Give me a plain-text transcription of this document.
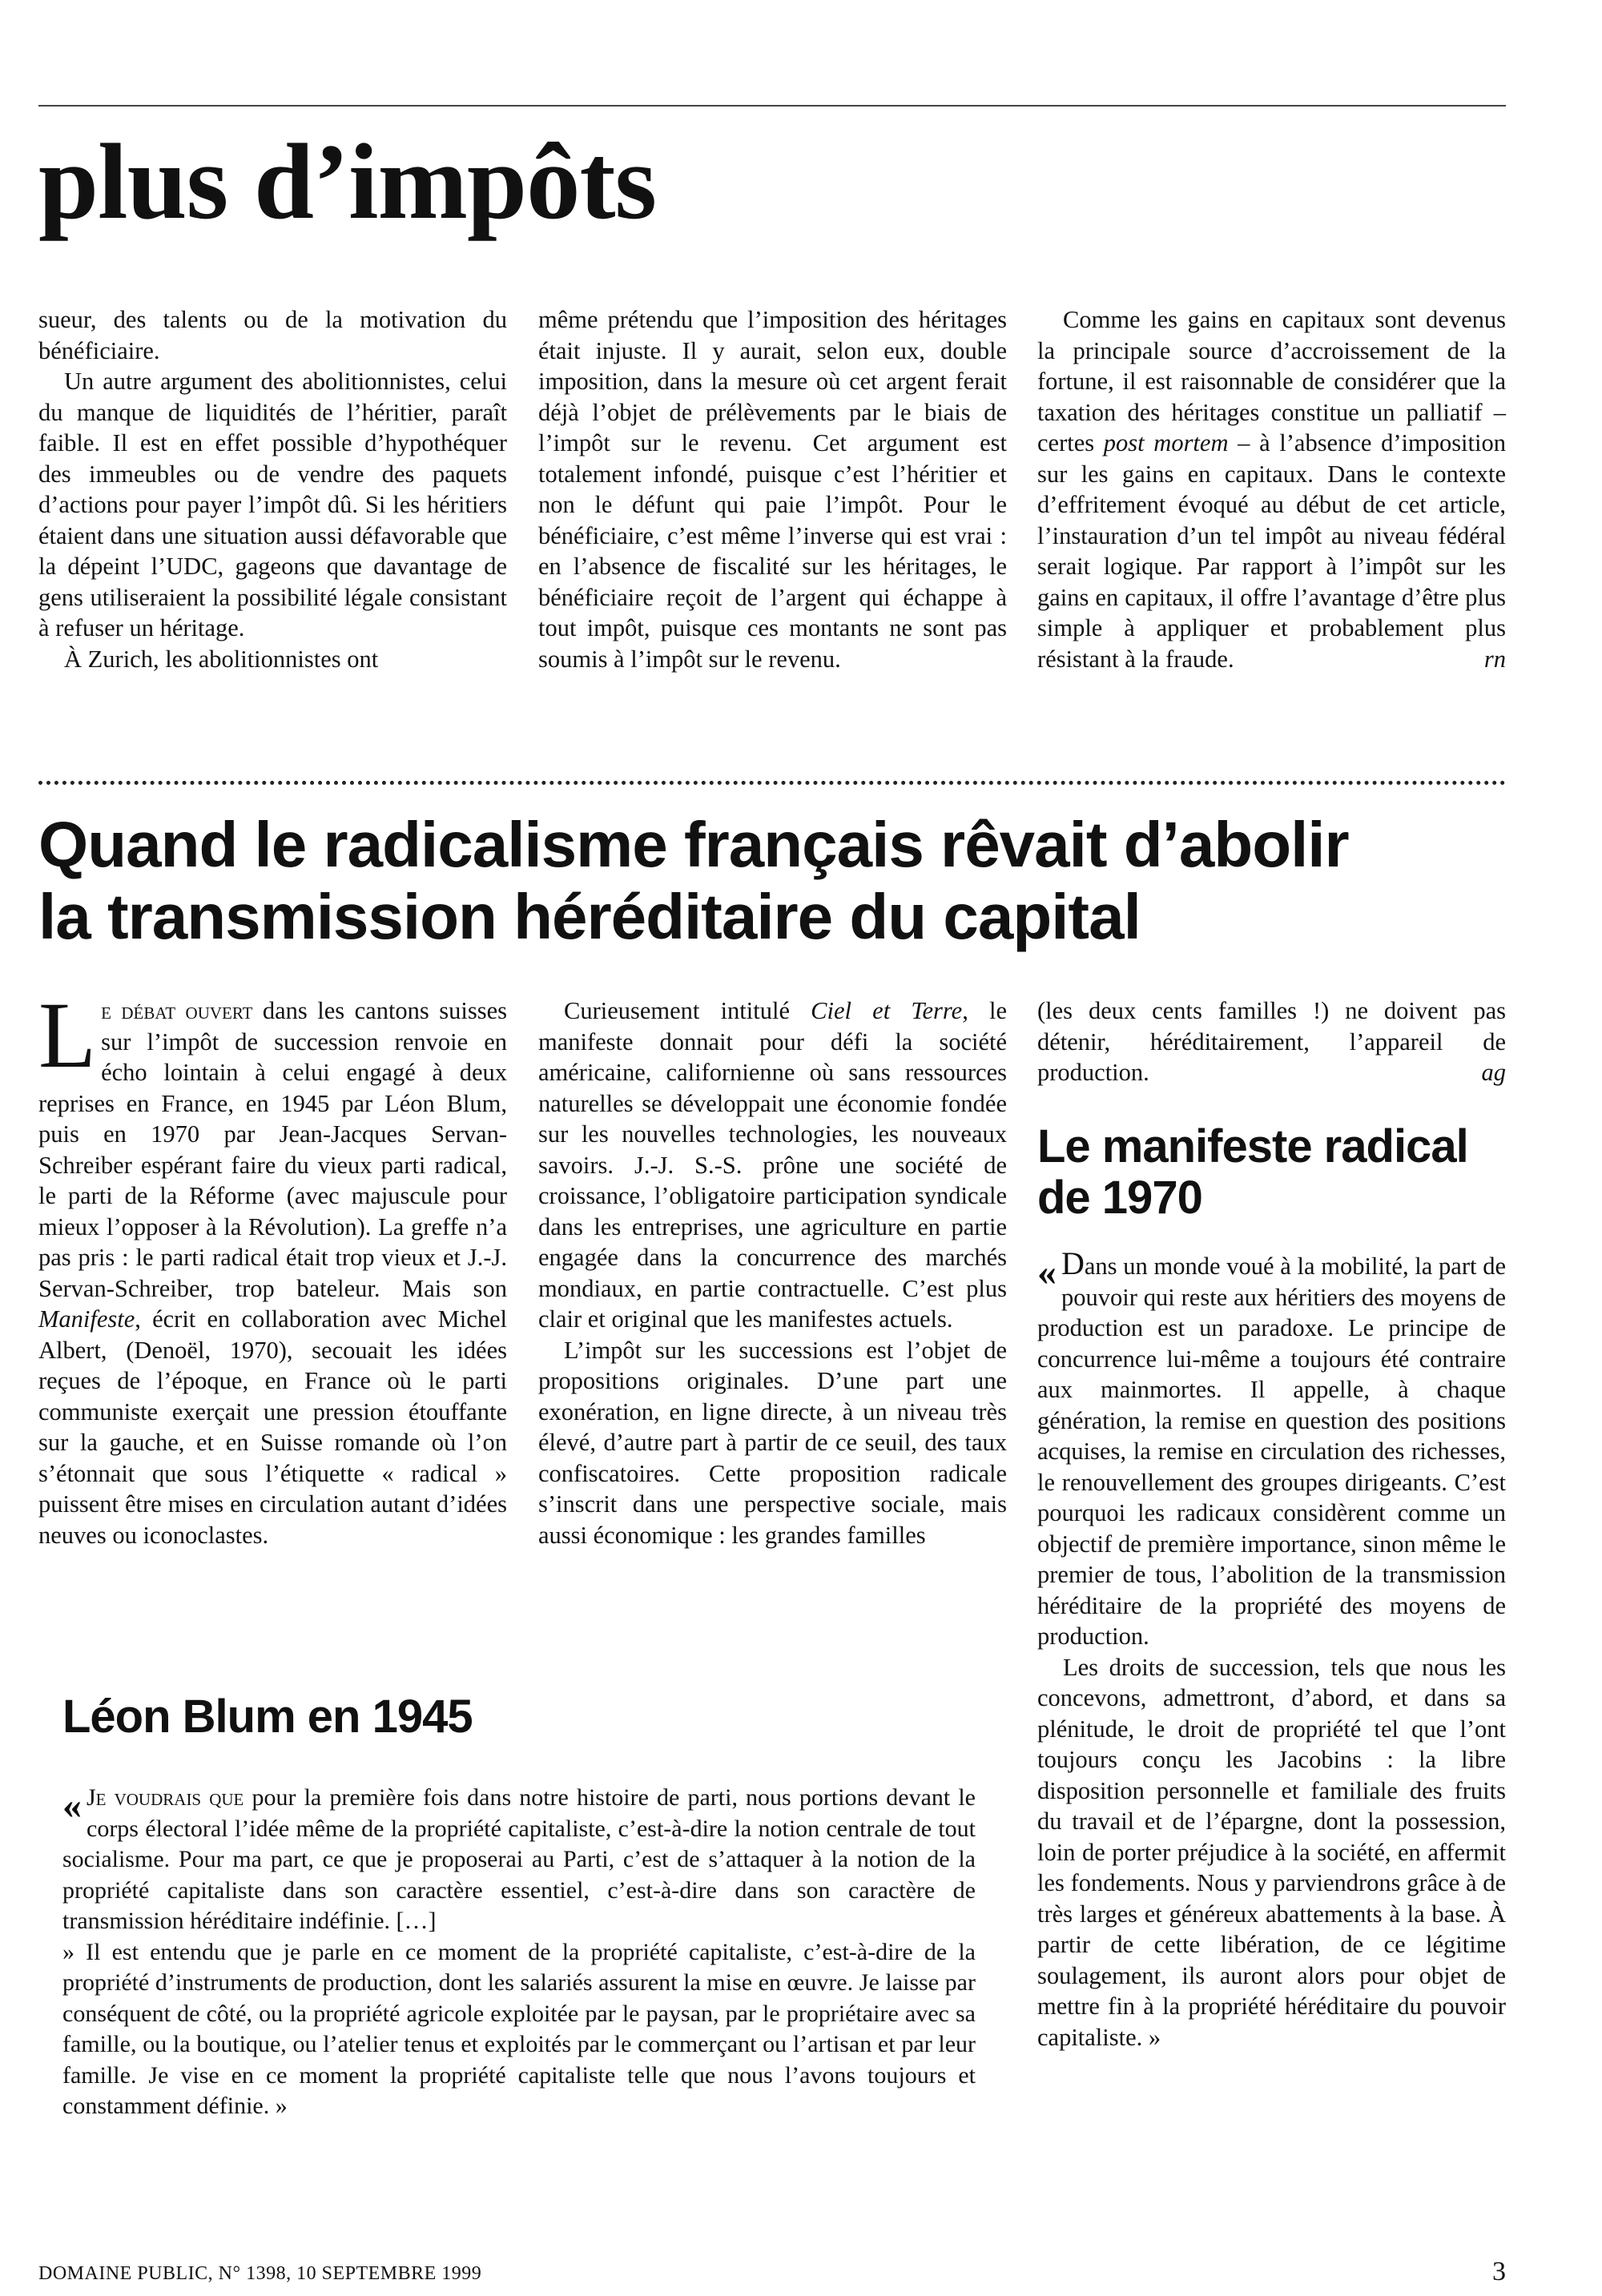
plus d’impôts

sueur, des talents ou de la motivation du bénéficiaire.

Un autre argument des abolitionnistes, celui du manque de liquidités de l’héritier, paraît faible. Il est en effet possible d’hypothéquer des immeubles ou de vendre des paquets d’actions pour payer l’impôt dû. Si les héritiers étaient dans une situation aussi défavorable que la dépeint l’UDC, gageons que davantage de gens utiliseraient la possibilité légale consistant à refuser un héritage.

À Zurich, les abolitionnistes ont

même prétendu que l’imposition des héritages était injuste. Il y aurait, selon eux, double imposition, dans la mesure où cet argent ferait déjà l’objet de prélèvements par le biais de l’impôt sur le revenu. Cet argument est totalement infondé, puisque c’est l’héritier et non le défunt qui paie l’impôt. Pour le bénéficiaire, c’est même l’inverse qui est vrai : en l’absence de fiscalité sur les héritages, le bénéficiaire reçoit de l’argent qui échappe à tout impôt, puisque ces montants ne sont pas soumis à l’impôt sur le revenu.

Comme les gains en capitaux sont devenus la principale source d’accroissement de la fortune, il est raisonnable de considérer que la taxation des héritages constitue un palliatif – certes post mortem – à l’absence d’imposition sur les gains en capitaux. Dans le contexte d’effritement évoqué au début de cet article, l’instauration d’un tel impôt au niveau fédéral serait logique. Par rapport à l’impôt sur les gains en capitaux, il offre l’avantage d’être plus simple à appliquer et probablement plus résistant à la fraude.	rn

Quand le radicalisme français rêvait d’abolir
la transmission héréditaire du capital

Le débat ouvert dans les cantons suisses sur l’impôt de succession renvoie en écho lointain à celui engagé à deux reprises en France, en 1945 par Léon Blum, puis en 1970 par Jean-Jacques Servan-Schreiber espérant faire du vieux parti radical, le parti de la Réforme (avec majuscule pour mieux l’opposer à la Révolution). La greffe n’a pas pris : le parti radical était trop vieux et J.-J. Servan-Schreiber, trop bateleur. Mais son Manifeste, écrit en collaboration avec Michel Albert, (Denoël, 1970), secouait les idées reçues de l’époque, en France où le parti communiste exerçait une pression étouffante sur la gauche, et en Suisse romande où l’on s’étonnait que sous l’étiquette « radical » puissent être mises en circulation autant d’idées neuves ou iconoclastes.

Curieusement intitulé Ciel et Terre, le manifeste donnait pour défi la société américaine, californienne où sans ressources naturelles se développait une économie fondée sur les nouvelles technologies, les nouveaux savoirs. J.-J. S.-S. prône une société de croissance, l’obligatoire participation syndicale dans les entreprises, une agriculture en partie engagée dans la concurrence des marchés mondiaux, en partie contractuelle. C’est plus clair et original que les manifestes actuels.

L’impôt sur les successions est l’objet de propositions originales. D’une part une exonération, en ligne directe, à un niveau très élevé, d’autre part à partir de ce seuil, des taux confiscatoires. Cette proposition radicale s’inscrit dans une perspective sociale, mais aussi économique : les grandes familles

(les deux cents familles !) ne doivent pas détenir, héréditairement, l’appareil de production.	ag

Le manifeste radical de 1970

D
« ans un monde voué à la mobilité, la part de pouvoir qui reste aux héritiers des moyens de production est un paradoxe. Le principe de concurrence lui-même a toujours été contraire aux mainmortes. Il appelle, à chaque génération, la remise en question des positions acquises, la remise en circulation des richesses, le renouvellement des groupes dirigeants. C’est pourquoi les radicaux considèrent comme un objectif de première importance, sinon même le premier de tous, l’abolition de la transmission héréditaire de la propriété des moyens de production.

Les droits de succession, tels que nous les concevons, admettront, d’abord, et dans sa plénitude, le droit de propriété tel que l’ont toujours conçu les Jacobins : la libre disposition personnelle et familiale des fruits du travail et de l’épargne, dont la possession, loin de porter préjudice à la société, en affermit les fondements. Nous y parviendrons grâce à de très larges et généreux abattements à la base. À partir de cette libération, de ce légitime soulagement, ils auront alors pour objet de mettre fin à la propriété héréditaire du pouvoir capitaliste. »

Léon Blum en 1945

« Je voudrais que pour la première fois dans notre histoire de parti, nous portions devant le corps électoral l’idée même de la propriété capitaliste, c’est-à-dire la notion centrale de tout socialisme. Pour ma part, ce que je proposerai au Parti, c’est de s’attaquer à la notion de la propriété capitaliste dans son caractère essentiel, c’est-à-dire dans son caractère de transmission héréditaire indéfinie. […]

» Il est entendu que je parle en ce moment de la propriété capitaliste, c’est-à-dire de la propriété d’instruments de production, dont les salariés assurent la mise en œuvre. Je laisse par conséquent de côté, ou la propriété agricole exploitée par le paysan, par le propriétaire avec sa famille, ou la boutique, ou l’atelier tenus et exploités par le commerçant ou l’artisan et par leur famille. Je vise en ce moment la propriété capitaliste telle que nous l’avons toujours et constamment définie. »

DOMAINE PUBLIC, N° 1398, 10 SEPTEMBRE 1999	3
